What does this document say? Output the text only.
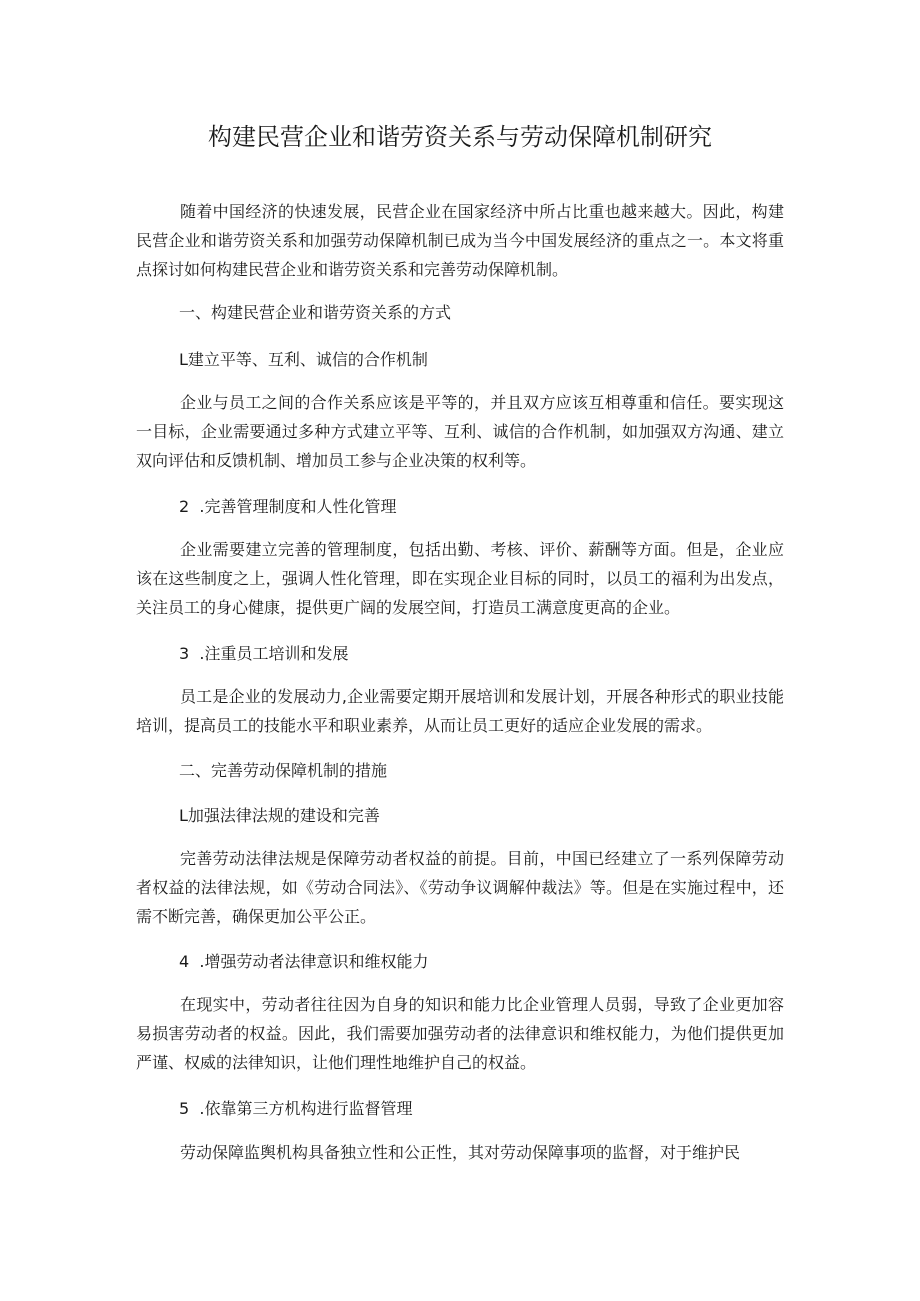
构建民营企业和谐劳资关系与劳动保障机制研究

随着中国经济的快速发展，民营企业在国家经济中所占比重也越来越大。因此，构建民营企业和谐劳资关系和加强劳动保障机制已成为当今中国发展经济的重点之一。本文将重点探讨如何构建民营企业和谐劳资关系和完善劳动保障机制。

一、构建民营企业和谐劳资关系的方式

L建立平等、互利、诚信的合作机制

企业与员工之间的合作关系应该是平等的，并且双方应该互相尊重和信任。要实现这一目标，企业需要通过多种方式建立平等、互利、诚信的合作机制，如加强双方沟通、建立双向评估和反馈机制、增加员工参与企业决策的权利等。

2  .完善管理制度和人性化管理

企业需要建立完善的管理制度，包括出勤、考核、评价、薪酬等方面。但是，企业应该在这些制度之上，强调人性化管理，即在实现企业目标的同时，以员工的福利为出发点，关注员工的身心健康，提供更广阔的发展空间，打造员工满意度更高的企业。

3  .注重员工培训和发展

员工是企业的发展动力,企业需要定期开展培训和发展计划，开展各种形式的职业技能培训，提高员工的技能水平和职业素养，从而让员工更好的适应企业发展的需求。

二、完善劳动保障机制的措施

L加强法律法规的建设和完善

完善劳动法律法规是保障劳动者权益的前提。目前，中国已经建立了一系列保障劳动者权益的法律法规，如《劳动合同法》、《劳动争议调解仲裁法》等。但是在实施过程中，还需不断完善，确保更加公平公正。

4  .增强劳动者法律意识和维权能力

在现实中，劳动者往往因为自身的知识和能力比企业管理人员弱，导致了企业更加容易损害劳动者的权益。因此，我们需要加强劳动者的法律意识和维权能力，为他们提供更加严谨、权威的法律知识，让他们理性地维护自己的权益。

5  .依靠第三方机构进行监督管理

劳动保障监舆机构具备独立性和公正性，其对劳动保障事项的监督，对于维护民
